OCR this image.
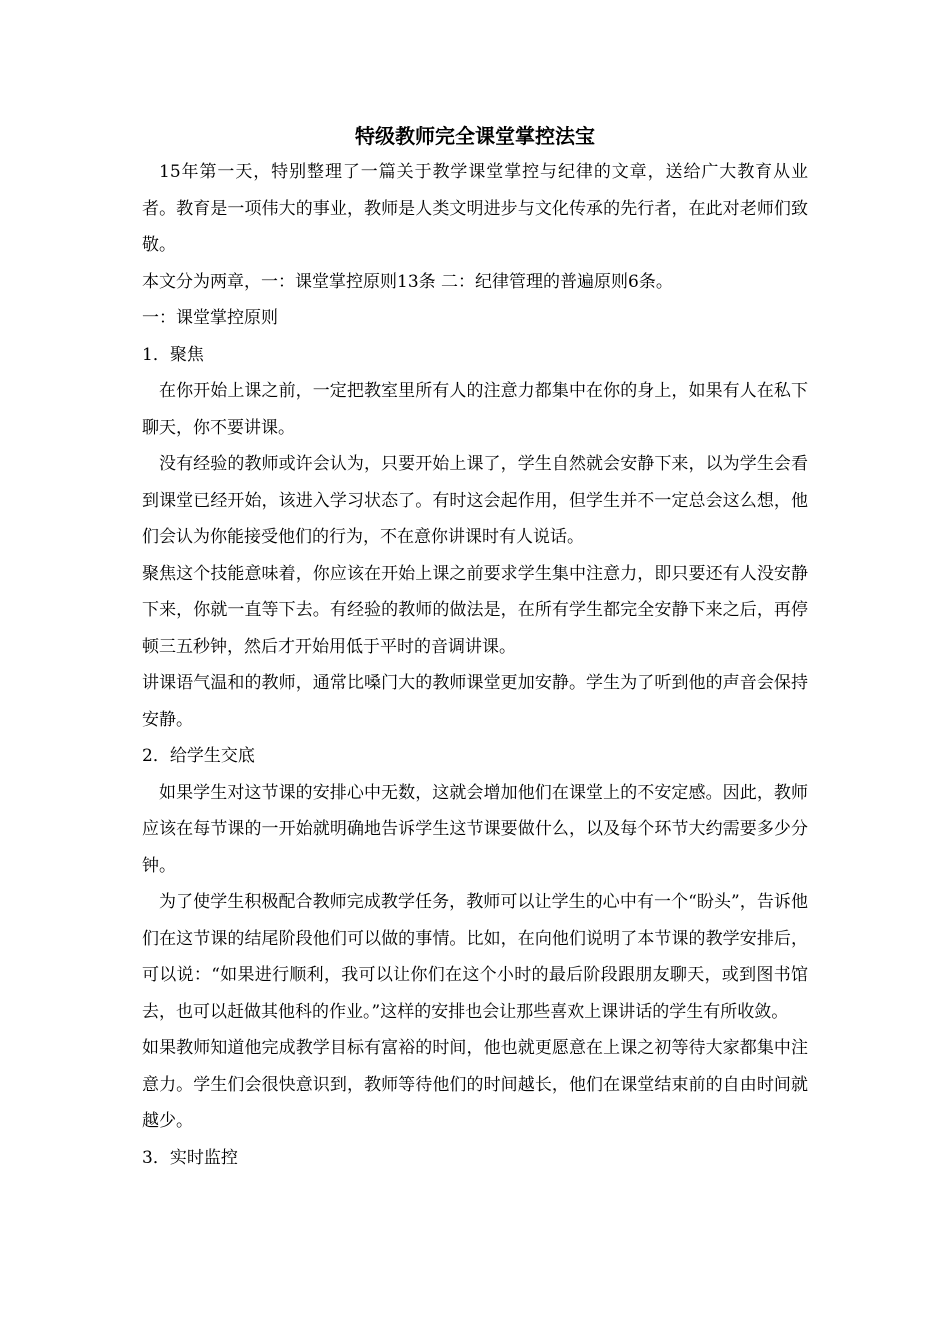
特级教师完全课堂掌控法宝

15年第一天，特别整理了一篇关于教学课堂掌控与纪律的文章，送给广大教育从业者。教育是一项伟大的事业，教师是人类文明进步与文化传承的先行者，在此对老师们致敬。

本文分为两章，一：课堂掌控原则13条 二：纪律管理的普遍原则6条。

一：课堂掌控原则

1．聚焦

在你开始上课之前，一定把教室里所有人的注意力都集中在你的身上，如果有人在私下聊天，你不要讲课。

没有经验的教师或许会认为，只要开始上课了，学生自然就会安静下来，以为学生会看到课堂已经开始，该进入学习状态了。有时这会起作用，但学生并不一定总会这么想，他们会认为你能接受他们的行为，不在意你讲课时有人说话。

聚焦这个技能意味着，你应该在开始上课之前要求学生集中注意力，即只要还有人没安静下来，你就一直等下去。有经验的教师的做法是，在所有学生都完全安静下来之后，再停顿三五秒钟，然后才开始用低于平时的音调讲课。

讲课语气温和的教师，通常比嗓门大的教师课堂更加安静。学生为了听到他的声音会保持安静。

2．给学生交底

如果学生对这节课的安排心中无数，这就会增加他们在课堂上的不安定感。因此，教师应该在每节课的一开始就明确地告诉学生这节课要做什么，以及每个环节大约需要多少分钟。

为了使学生积极配合教师完成教学任务，教师可以让学生的心中有一个“盼头”，告诉他们在这节课的结尾阶段他们可以做的事情。比如，在向他们说明了本节课的教学安排后，可以说：“如果进行顺利，我可以让你们在这个小时的最后阶段跟朋友聊天，或到图书馆去，也可以赶做其他科的作业。”这样的安排也会让那些喜欢上课讲话的学生有所收敛。

如果教师知道他完成教学目标有富裕的时间，他也就更愿意在上课之初等待大家都集中注意力。学生们会很快意识到，教师等待他们的时间越长，他们在课堂结束前的自由时间就越少。

3．实时监控
